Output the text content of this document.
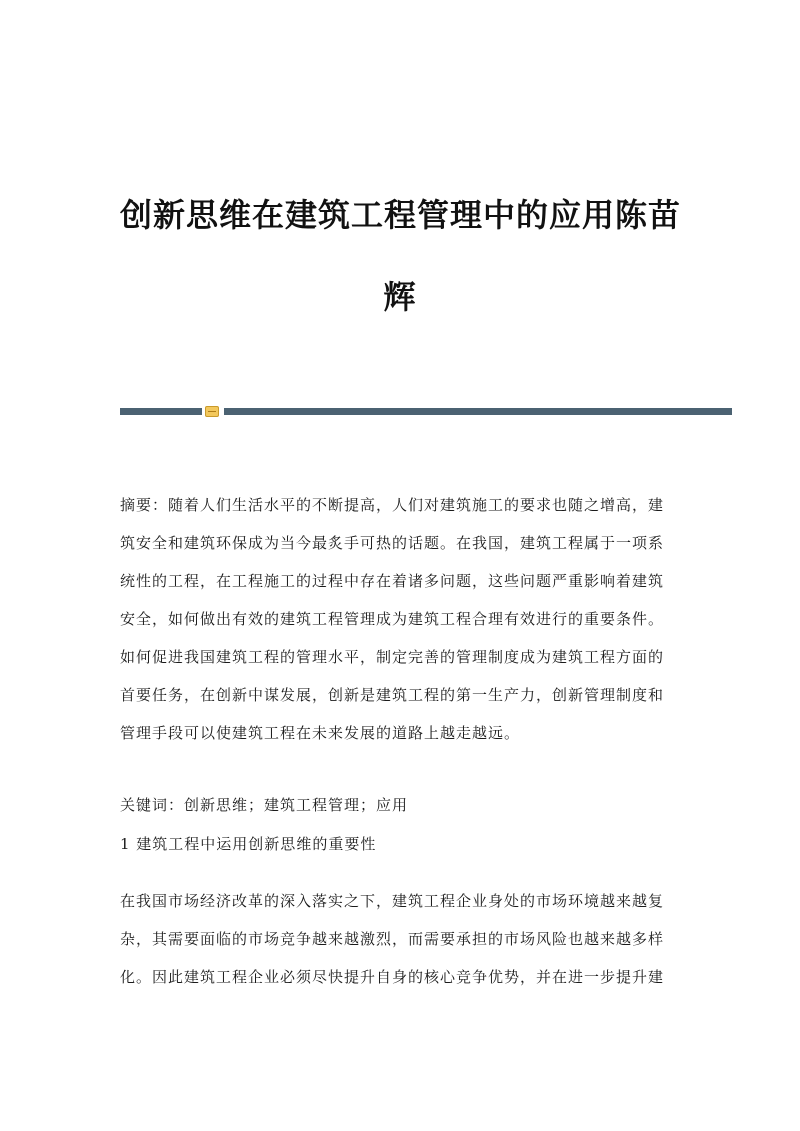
创新思维在建筑工程管理中的应用陈苗
辉
摘要：随着人们生活水平的不断提高，人们对建筑施工的要求也随之增高，建
筑安全和建筑环保成为当今最炙手可热的话题。在我国，建筑工程属于一项系
统性的工程，在工程施工的过程中存在着诸多问题，这些问题严重影响着建筑
安全，如何做出有效的建筑工程管理成为建筑工程合理有效进行的重要条件。
如何促进我国建筑工程的管理水平，制定完善的管理制度成为建筑工程方面的
首要任务，在创新中谋发展，创新是建筑工程的第一生产力，创新管理制度和
管理手段可以使建筑工程在未来发展的道路上越走越远。
关键词：创新思维；建筑工程管理；应用
1 建筑工程中运用创新思维的重要性
在我国市场经济改革的深入落实之下，建筑工程企业身处的市场环境越来越复
杂，其需要面临的市场竞争越来越激烈，而需要承担的市场风险也越来越多样
化。因此建筑工程企业必须尽快提升自身的核心竞争优势，并在进一步提升建
